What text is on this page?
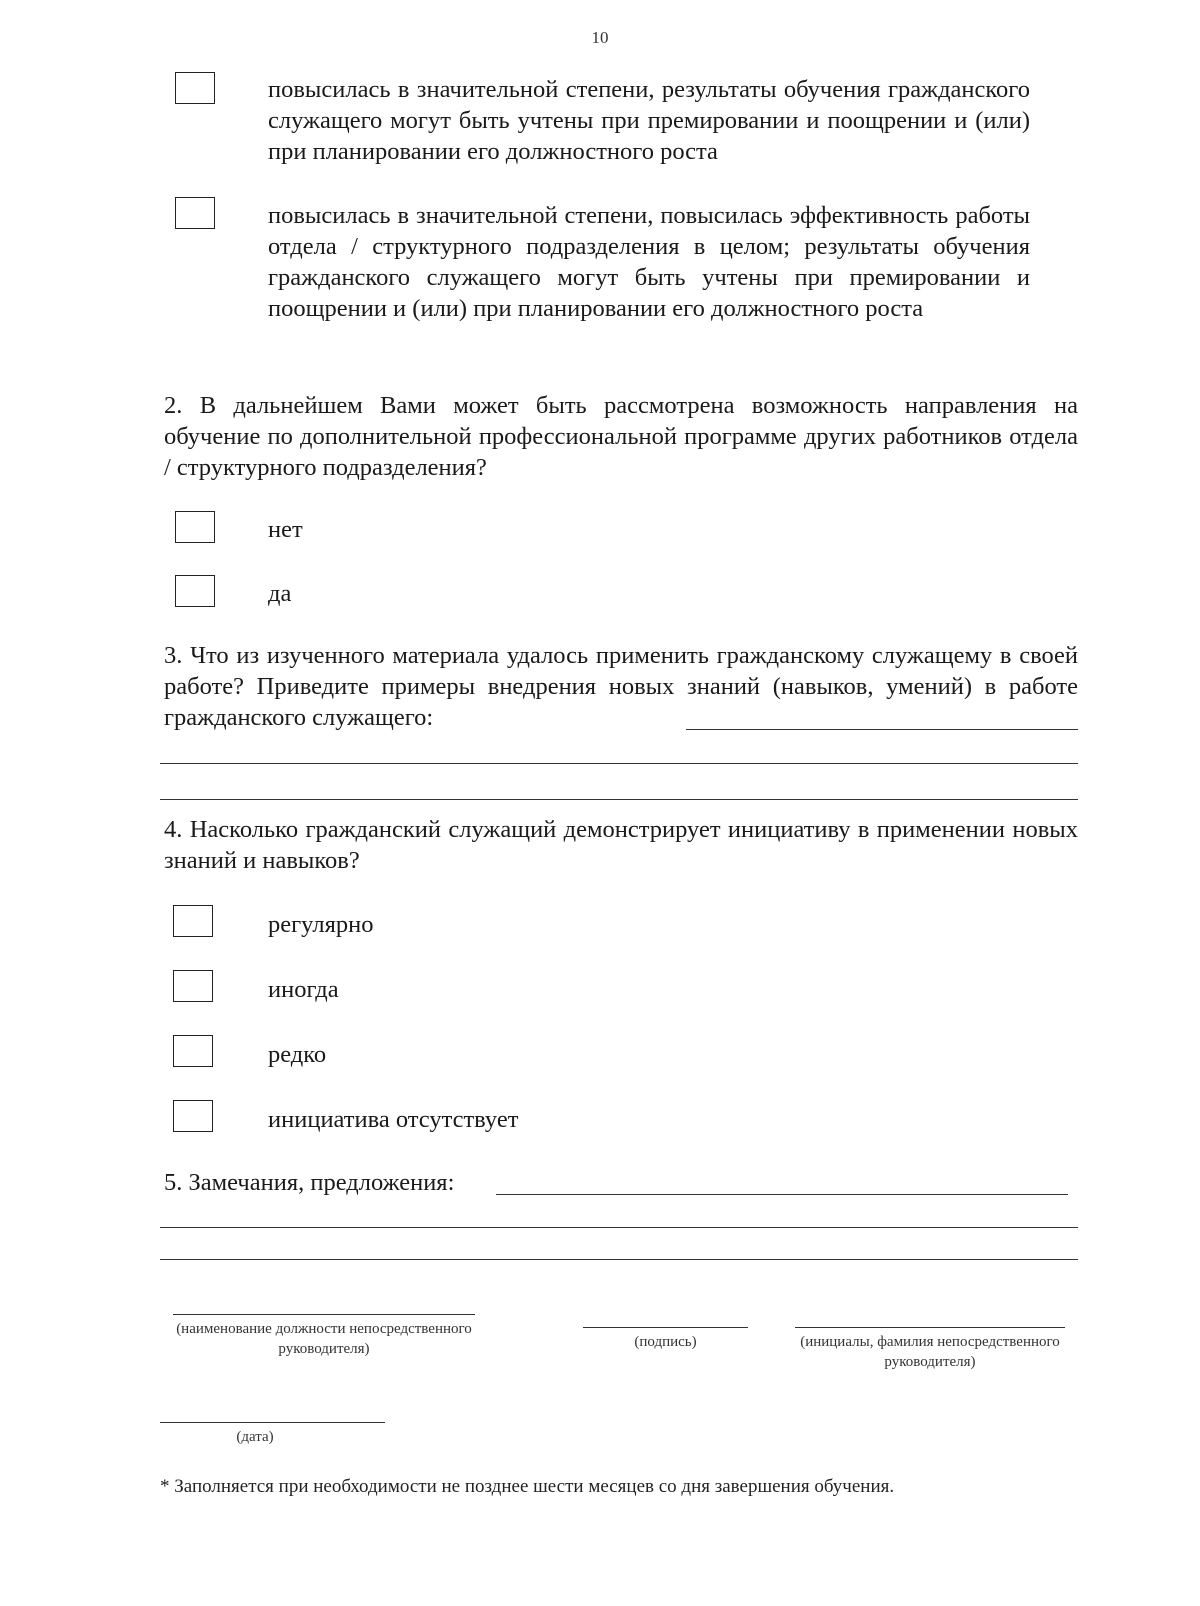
10
повысилась в значительной степени, результаты обучения гражданского служащего могут быть учтены при премировании и поощрении и (или) при планировании его должностного роста
повысилась в значительной степени, повысилась эффективность работы отдела / структурного подразделения в целом; результаты обучения гражданского служащего могут быть учтены при премировании и поощрении и (или) при планировании его должностного роста
2. В дальнейшем Вами может быть рассмотрена возможность направления на обучение по дополнительной профессиональной программе других работников отдела / структурного подразделения?
нет
да
3. Что из изученного материала удалось применить гражданскому служащему в своей работе? Приведите примеры внедрения новых знаний (навыков, умений) в работе гражданского служащего:
4. Насколько гражданский служащий демонстрирует инициативу в применении новых знаний и навыков?
регулярно
иногда
редко
инициатива отсутствует
5. Замечания, предложения:
(наименование должности непосредственного руководителя)	(подпись)	(инициалы, фамилия непосредственного руководителя)
(дата)
* Заполняется при необходимости не позднее шести месяцев со дня завершения обучения.
